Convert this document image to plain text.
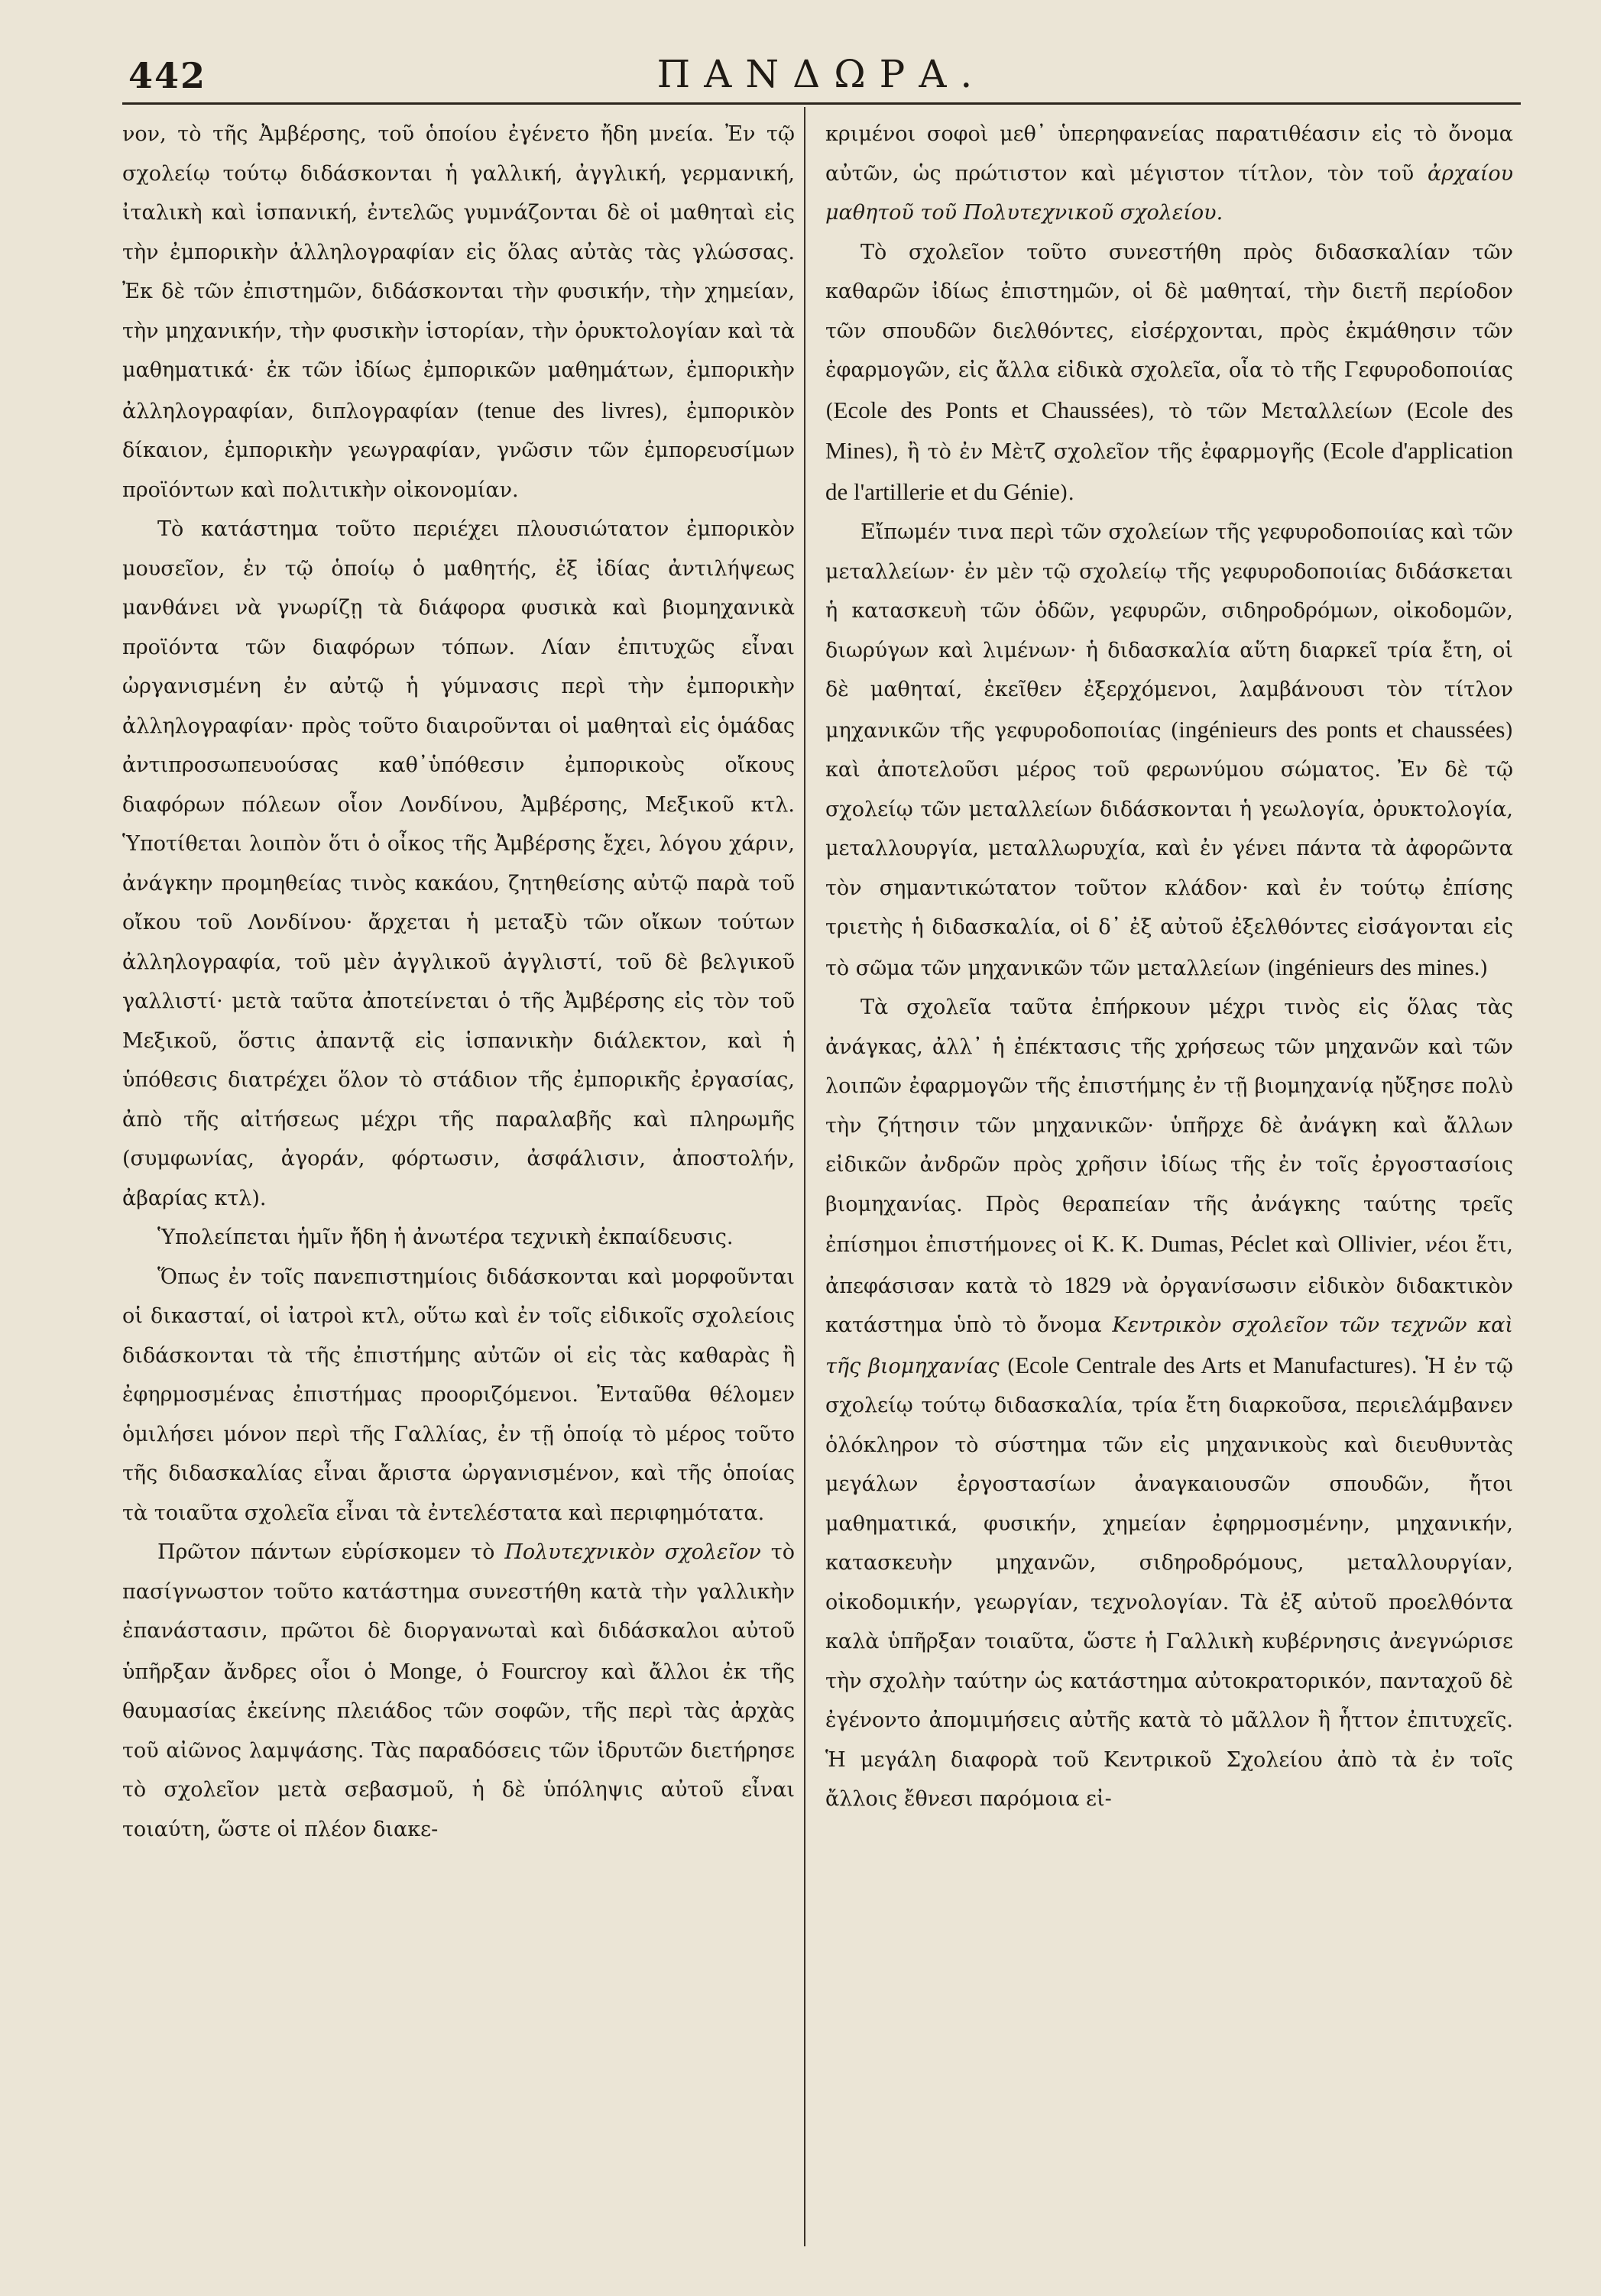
442	ΠΑΝΔΩΡΑ.

νον, τὸ τῆς Ἀμβέρσης, τοῦ ὁποίου ἐγένετο ἤδη μνεία. Ἐν τῷ σχολείῳ τούτῳ διδάσκονται ἡ γαλλική, ἀγγλική, γερμανική, ἰταλικὴ καὶ ἱσπανική, ἐντελῶς γυμνάζονται δὲ οἱ μαθηταὶ εἰς τὴν ἐμπορικὴν ἀλληλογραφίαν εἰς ὅλας αὐτὰς τὰς γλώσσας. Ἐκ δὲ τῶν ἐπιστημῶν, διδάσκονται τὴν φυσικήν, τὴν χημείαν, τὴν μηχανικήν, τὴν φυσικὴν ἱστορίαν, τὴν ὀρυκτολογίαν καὶ τὰ μαθηματικά· ἐκ τῶν ἰδίως ἐμπορικῶν μαθημάτων, ἐμπορικὴν ἀλληλογραφίαν, διπλογραφίαν (tenue des livres), ἐμπορικὸν δίκαιον, ἐμπορικὴν γεωγραφίαν, γνῶσιν τῶν ἐμπορευσίμων προϊόντων καὶ πολιτικὴν οἰκονομίαν.

Τὸ κατάστημα τοῦτο περιέχει πλουσιώτατον ἐμπορικὸν μουσεῖον, ἐν τῷ ὁποίῳ ὁ μαθητής, ἐξ ἰδίας ἀντιλήψεως μανθάνει νὰ γνωρίζῃ τὰ διάφορα φυσικὰ καὶ βιομηχανικὰ προϊόντα τῶν διαφόρων τόπων. Λίαν ἐπιτυχῶς εἶναι ὠργανισμένη ἐν αὐτῷ ἡ γύμνασις περὶ τὴν ἐμπορικὴν ἀλληλογραφίαν· πρὸς τοῦτο διαιροῦνται οἱ μαθηταὶ εἰς ὁμάδας ἀντιπροσωπευούσας καθ᾽ὑπόθεσιν ἐμπορικοὺς οἴκους διαφόρων πόλεων οἷον Λονδίνου, Ἀμβέρσης, Μεξικοῦ κτλ. Ὑποτίθεται λοιπὸν ὅτι ὁ οἶκος τῆς Ἀμβέρσης ἔχει, λόγου χάριν, ἀνάγκην προμηθείας τινὸς κακάου, ζητηθείσης αὐτῷ παρὰ τοῦ οἴκου τοῦ Λονδίνου· ἄρχεται ἡ μεταξὺ τῶν οἴκων τούτων ἀλληλογραφία, τοῦ μὲν ἀγγλικοῦ ἀγγλιστί, τοῦ δὲ βελγικοῦ γαλλιστί· μετὰ ταῦτα ἀποτείνεται ὁ τῆς Ἀμβέρσης εἰς τὸν τοῦ Μεξικοῦ, ὅστις ἀπαντᾷ εἰς ἱσπανικὴν διάλεκτον, καὶ ἡ ὑπόθεσις διατρέχει ὅλον τὸ στάδιον τῆς ἐμπορικῆς ἐργασίας, ἀπὸ τῆς αἰτήσεως μέχρι τῆς παραλαβῆς καὶ πληρωμῆς (συμφωνίας, ἀγοράν, φόρτωσιν, ἀσφάλισιν, ἀποστολήν, ἀβαρίας κτλ).

Ὑπολείπεται ἡμῖν ἤδη ἡ ἀνωτέρα τεχνικὴ ἐκπαίδευσις.

Ὅπως ἐν τοῖς πανεπιστημίοις διδάσκονται καὶ μορφοῦνται οἱ δικασταί, οἱ ἰατροὶ κτλ, οὕτω καὶ ἐν τοῖς εἰδικοῖς σχολείοις διδάσκονται τὰ τῆς ἐπιστήμης αὐτῶν οἱ εἰς τὰς καθαρὰς ἢ ἐφηρμοσμένας ἐπιστήμας προοριζόμενοι. Ἐνταῦθα θέλομεν ὁμιλήσει μόνον περὶ τῆς Γαλλίας, ἐν τῇ ὁποίᾳ τὸ μέρος τοῦτο τῆς διδασκαλίας εἶναι ἄριστα ὠργανισμένον, καὶ τῆς ὁποίας τὰ τοιαῦτα σχολεῖα εἶναι τὰ ἐντελέστατα καὶ περιφημότατα.

Πρῶτον πάντων εὑρίσκομεν τὸ Πολυτεχνικὸν σχολεῖον τὸ πασίγνωστον τοῦτο κατάστημα συνεστήθη κατὰ τὴν γαλλικὴν ἐπανάστασιν, πρῶτοι δὲ διοργανωταὶ καὶ διδάσκαλοι αὐτοῦ ὑπῆρξαν ἄνδρες οἷοι ὁ Monge, ὁ Fourcroy καὶ ἄλλοι ἐκ τῆς θαυμασίας ἐκείνης πλειάδος τῶν σοφῶν, τῆς περὶ τὰς ἀρχὰς τοῦ αἰῶνος λαμψάσης. Τὰς παραδόσεις τῶν ἱδρυτῶν διετήρησε τὸ σχολεῖον μετὰ σεβασμοῦ, ἡ δὲ ὑπόληψις αὐτοῦ εἶναι τοιαύτη, ὥστε οἱ πλέον διακε-

κριμένοι σοφοὶ μεθ᾽ ὑπερηφανείας παρατιθέασιν εἰς τὸ ὄνομα αὐτῶν, ὡς πρώτιστον καὶ μέγιστον τίτλον, τὸν τοῦ ἀρχαίου μαθητοῦ τοῦ Πολυτεχνικοῦ σχολείου.

Τὸ σχολεῖον τοῦτο συνεστήθη πρὸς διδασκαλίαν τῶν καθαρῶν ἰδίως ἐπιστημῶν, οἱ δὲ μαθηταί, τὴν διετῆ περίοδον τῶν σπουδῶν διελθόντες, εἰσέρχονται, πρὸς ἐκμάθησιν τῶν ἐφαρμογῶν, εἰς ἄλλα εἰδικὰ σχολεῖα, οἷα τὸ τῆς Γεφυροδοποιίας (Ecole des Ponts et Chaussées), τὸ τῶν Μεταλλείων (Ecole des Mines), ἢ τὸ ἐν Μὲτζ σχολεῖον τῆς ἐφαρμογῆς (Ecole d'application de l'artillerie et du Génie).

Εἴπωμέν τινα περὶ τῶν σχολείων τῆς γεφυροδοποιίας καὶ τῶν μεταλλείων· ἐν μὲν τῷ σχολείῳ τῆς γεφυροδοποιίας διδάσκεται ἡ κατασκευὴ τῶν ὁδῶν, γεφυρῶν, σιδηροδρόμων, οἰκοδομῶν, διωρύγων καὶ λιμένων· ἡ διδασκαλία αὕτη διαρκεῖ τρία ἔτη, οἱ δὲ μαθηταί, ἐκεῖθεν ἐξερχόμενοι, λαμβάνουσι τὸν τίτλον μηχανικῶν τῆς γεφυροδοποιίας (ingénieurs des ponts et chaussées) καὶ ἀποτελοῦσι μέρος τοῦ φερωνύμου σώματος. Ἐν δὲ τῷ σχολείῳ τῶν μεταλλείων διδάσκονται ἡ γεωλογία, ὀρυκτολογία, μεταλλουργία, μεταλλωρυχία, καὶ ἐν γένει πάντα τὰ ἀφορῶντα τὸν σημαντικώτατον τοῦτον κλάδον· καὶ ἐν τούτῳ ἐπίσης τριετὴς ἡ διδασκαλία, οἱ δ᾽ ἐξ αὐτοῦ ἐξελθόντες εἰσάγονται εἰς τὸ σῶμα τῶν μηχανικῶν τῶν μεταλλείων (ingénieurs des mines.)

Τὰ σχολεῖα ταῦτα ἐπήρκουν μέχρι τινὸς εἰς ὅλας τὰς ἀνάγκας, ἀλλ᾽ ἡ ἐπέκτασις τῆς χρήσεως τῶν μηχανῶν καὶ τῶν λοιπῶν ἐφαρμογῶν τῆς ἐπιστήμης ἐν τῇ βιομηχανίᾳ ηὔξησε πολὺ τὴν ζήτησιν τῶν μηχανικῶν· ὑπῆρχε δὲ ἀνάγκη καὶ ἄλλων εἰδικῶν ἀνδρῶν πρὸς χρῆσιν ἰδίως τῆς ἐν τοῖς ἐργοστασίοις βιομηχανίας. Πρὸς θεραπείαν τῆς ἀνάγκης ταύτης τρεῖς ἐπίσημοι ἐπιστήμονες οἱ Κ. Κ. Dumas, Péclet καὶ Ollivier, νέοι ἔτι, ἀπεφάσισαν κατὰ τὸ 1829 νὰ ὀργανίσωσιν εἰδικὸν διδακτικὸν κατάστημα ὑπὸ τὸ ὄνομα Κεντρικὸν σχολεῖον τῶν τεχνῶν καὶ τῆς βιομηχανίας (Ecole Centrale des Arts et Manufactures). Ἡ ἐν τῷ σχολείῳ τούτῳ διδασκαλία, τρία ἔτη διαρκοῦσα, περιελάμβανεν ὁλόκληρον τὸ σύστημα τῶν εἰς μηχανικοὺς καὶ διευθυντὰς μεγάλων ἐργοστασίων ἀναγκαιουσῶν σπουδῶν, ἤτοι μαθηματικά, φυσικήν, χημείαν ἐφηρμοσμένην, μηχανικήν, κατασκευὴν μηχανῶν, σιδηροδρόμους, μεταλλουργίαν, οἰκοδομικήν, γεωργίαν, τεχνολογίαν. Τὰ ἐξ αὐτοῦ προελθόντα καλὰ ὑπῆρξαν τοιαῦτα, ὥστε ἡ Γαλλικὴ κυβέρνησις ἀνεγνώρισε τὴν σχολὴν ταύτην ὡς κατάστημα αὐτοκρατορικόν, πανταχοῦ δὲ ἐγένοντο ἀπομιμήσεις αὐτῆς κατὰ τὸ μᾶλλον ἢ ἧττον ἐπιτυχεῖς. Ἡ μεγάλη διαφορὰ τοῦ Κεντρικοῦ Σχολείου ἀπὸ τὰ ἐν τοῖς ἄλλοις ἔθνεσι παρόμοια εἰ-
